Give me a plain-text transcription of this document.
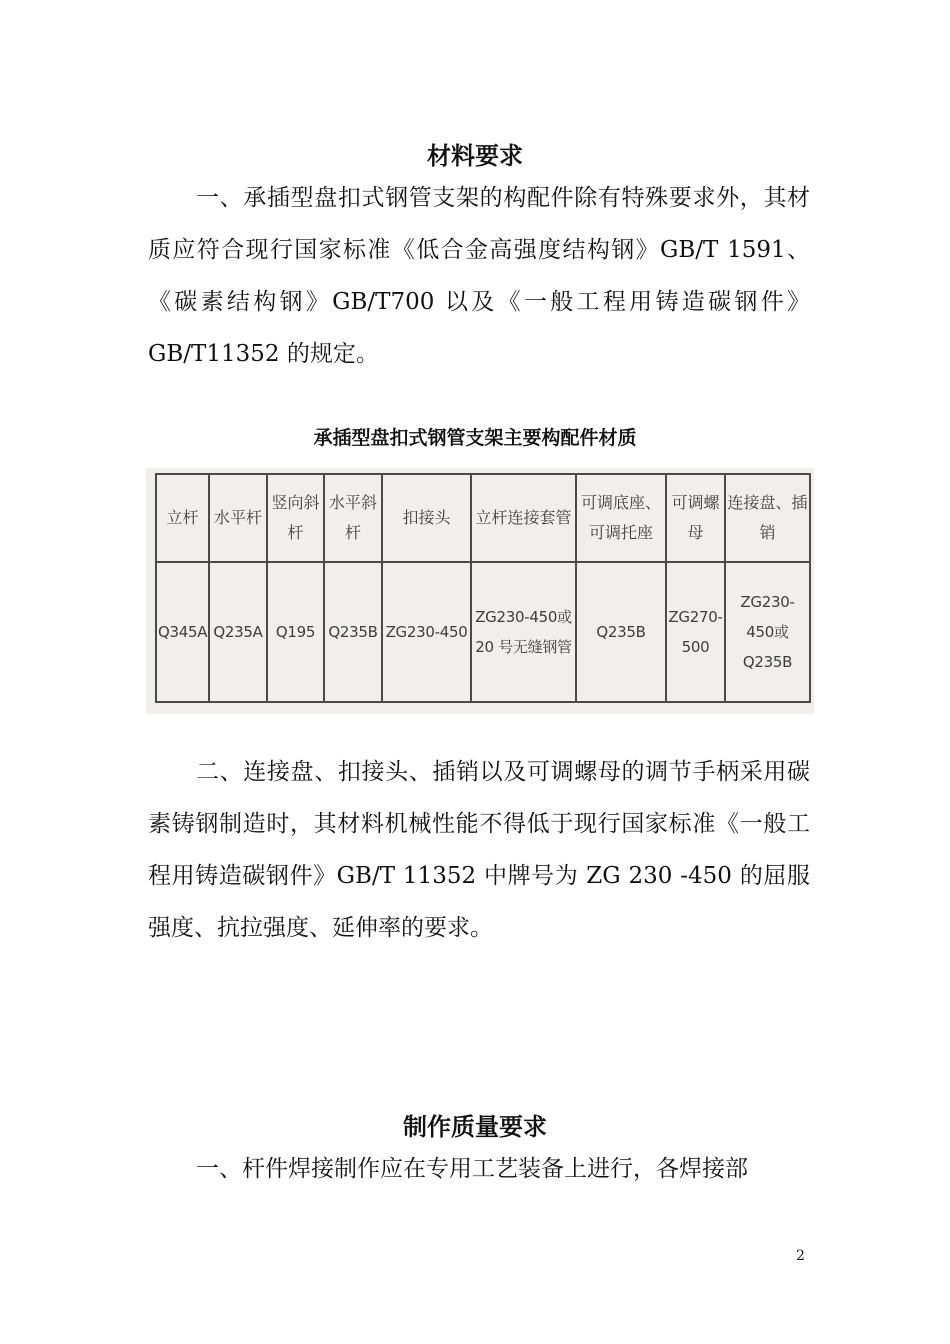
材料要求

一、承插型盘扣式钢管支架的构配件除有特殊要求外，其材质应符合现行国家标准《低合金高强度结构钢》GB/T 1591、《碳素结构钢》GB/T700 以及《一般工程用铸造碳钢件》GB/T11352 的规定。

承插型盘扣式钢管支架主要构配件材质
立杆	水平杆	竖向斜杆	水平斜杆	扣接头	立杆连接套管	可调底座、可调托座	可调螺母	连接盘、插销
Q345A	Q235A	Q195	Q235B	ZG230-450	ZG230-450或 20 号无缝钢管	Q235B	ZG270-500	ZG230-450或 Q235B

二、连接盘、扣接头、插销以及可调螺母的调节手柄采用碳素铸钢制造时，其材料机械性能不得低于现行国家标准《一般工程用铸造碳钢件》GB/T 11352 中牌号为 ZG 230 -450 的屈服强度、抗拉强度、延伸率的要求。

制作质量要求

一、杆件焊接制作应在专用工艺装备上进行，各焊接部

2
